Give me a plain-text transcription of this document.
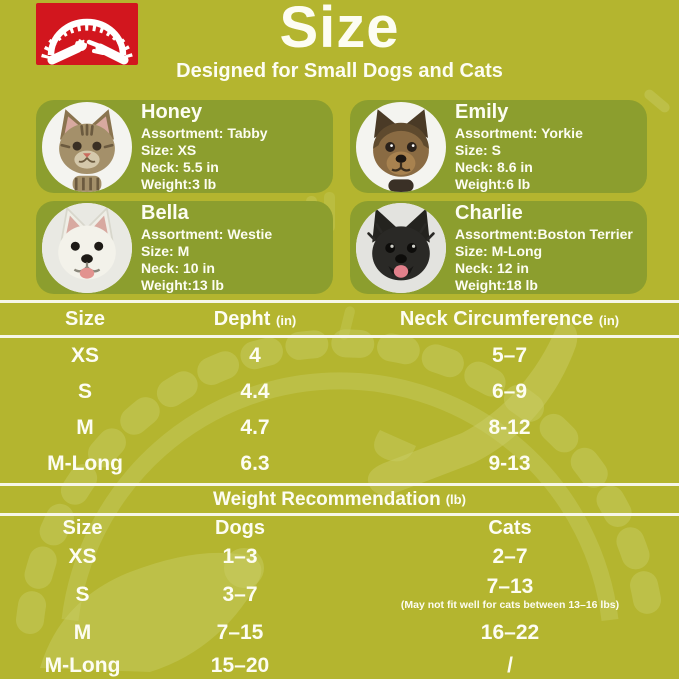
Size
Designed for Small Dogs and Cats
Honey
Assortment: Tabby
Size: XS
Neck: 5.5 in
Weight:3 lb
Emily
Assortment: Yorkie
Size: S
Neck: 8.6 in
Weight:6 lb
Bella
Assortment: Westie
Size: M
Neck: 10 in
Weight:13 lb
Charlie
Assortment:Boston Terrier
Size: M-Long
Neck: 12 in
Weight:18 lb
Size	Depht (in)	Neck Circumference (in)
XS	4	5–7
S	4.4	6–9
M	4.7	8-12
M-Long	6.3	9-13
Weight Recommendation (lb)
Size	Dogs	Cats
XS	1–3	2–7
S	3–7	7–13
(May not fit well for cats between 13–16 lbs)
M	7–15	16–22
M-Long	15–20	/
